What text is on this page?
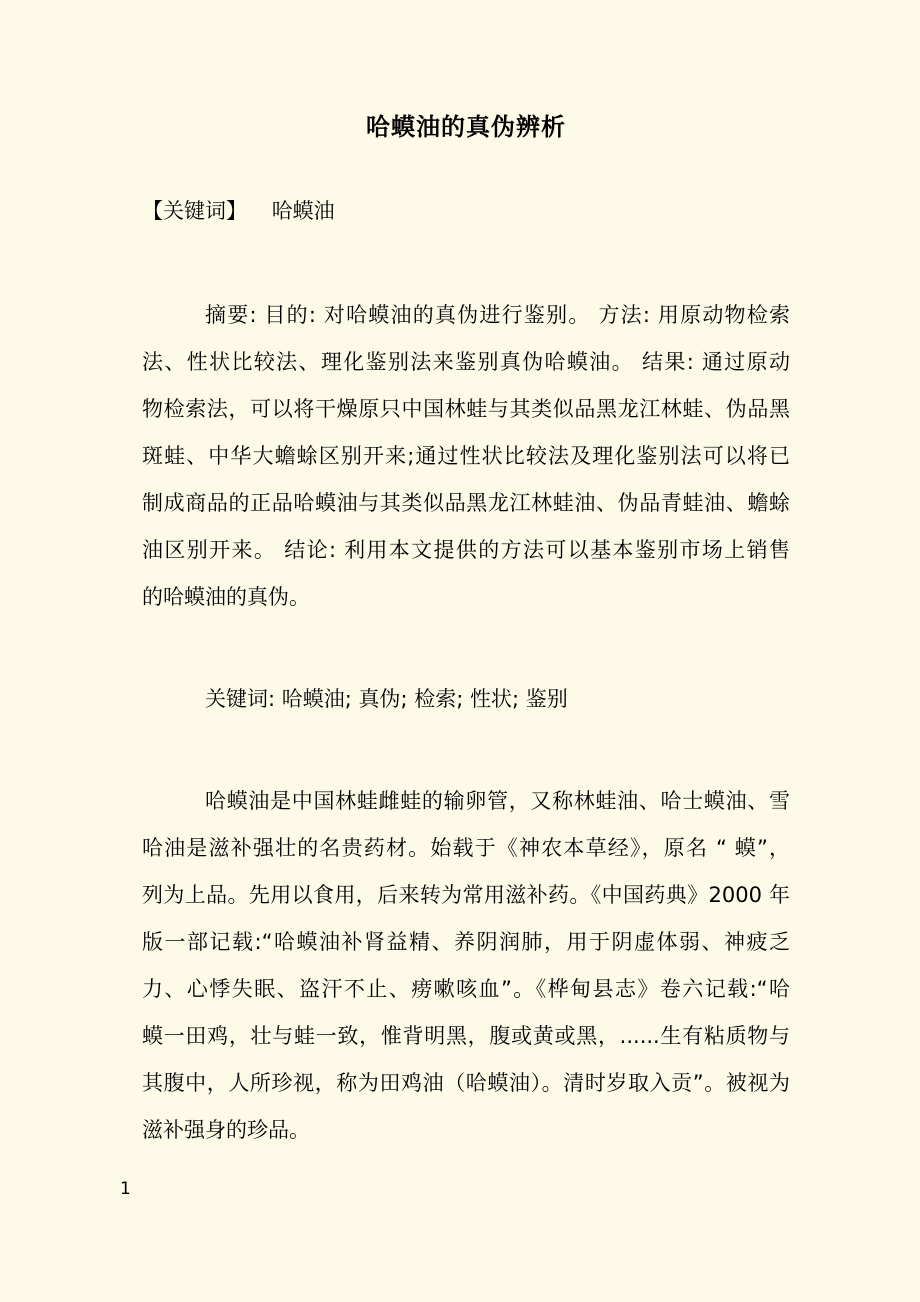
哈蟆油的真伪辨析
【关键词】 哈蟆油
摘要: 目的: 对哈蟆油的真伪进行鉴别。 方法: 用原动物检索
法、性状比较法、理化鉴别法来鉴别真伪哈蟆油。 结果: 通过原动
物检索法，可以将干燥原只中国林蛙与其类似品黑龙江林蛙、伪品黑
斑蛙、中华大蟾蜍区别开来;通过性状比较法及理化鉴别法可以将已
制成商品的正品哈蟆油与其类似品黑龙江林蛙油、伪品青蛙油、蟾蜍
油区别开来。 结论: 利用本文提供的方法可以基本鉴别市场上销售
的哈蟆油的真伪。
关键词: 哈蟆油; 真伪; 检索; 性状; 鉴别
哈蟆油是中国林蛙雌蛙的输卵管，又称林蛙油、哈士蟆油、雪
哈油是滋补强壮的名贵药材。始载于《神农本草经》，原名 “ 蟆”，
列为上品。先用以食用，后来转为常用滋补药。《中国药典》2000 年
版一部记载:“哈蟆油补肾益精、养阴润肺，用于阴虚体弱、神疲乏
力、心悸失眠、盗汗不止、痨嗽咳血”。《桦甸县志》卷六记载:“哈
蟆一田鸡，壮与蛙一致，惟背明黑，腹或黄或黑，......生有粘质物与
其腹中，人所珍视，称为田鸡油（哈蟆油）。清时岁取入贡”。被视为
滋补强身的珍品。
1
